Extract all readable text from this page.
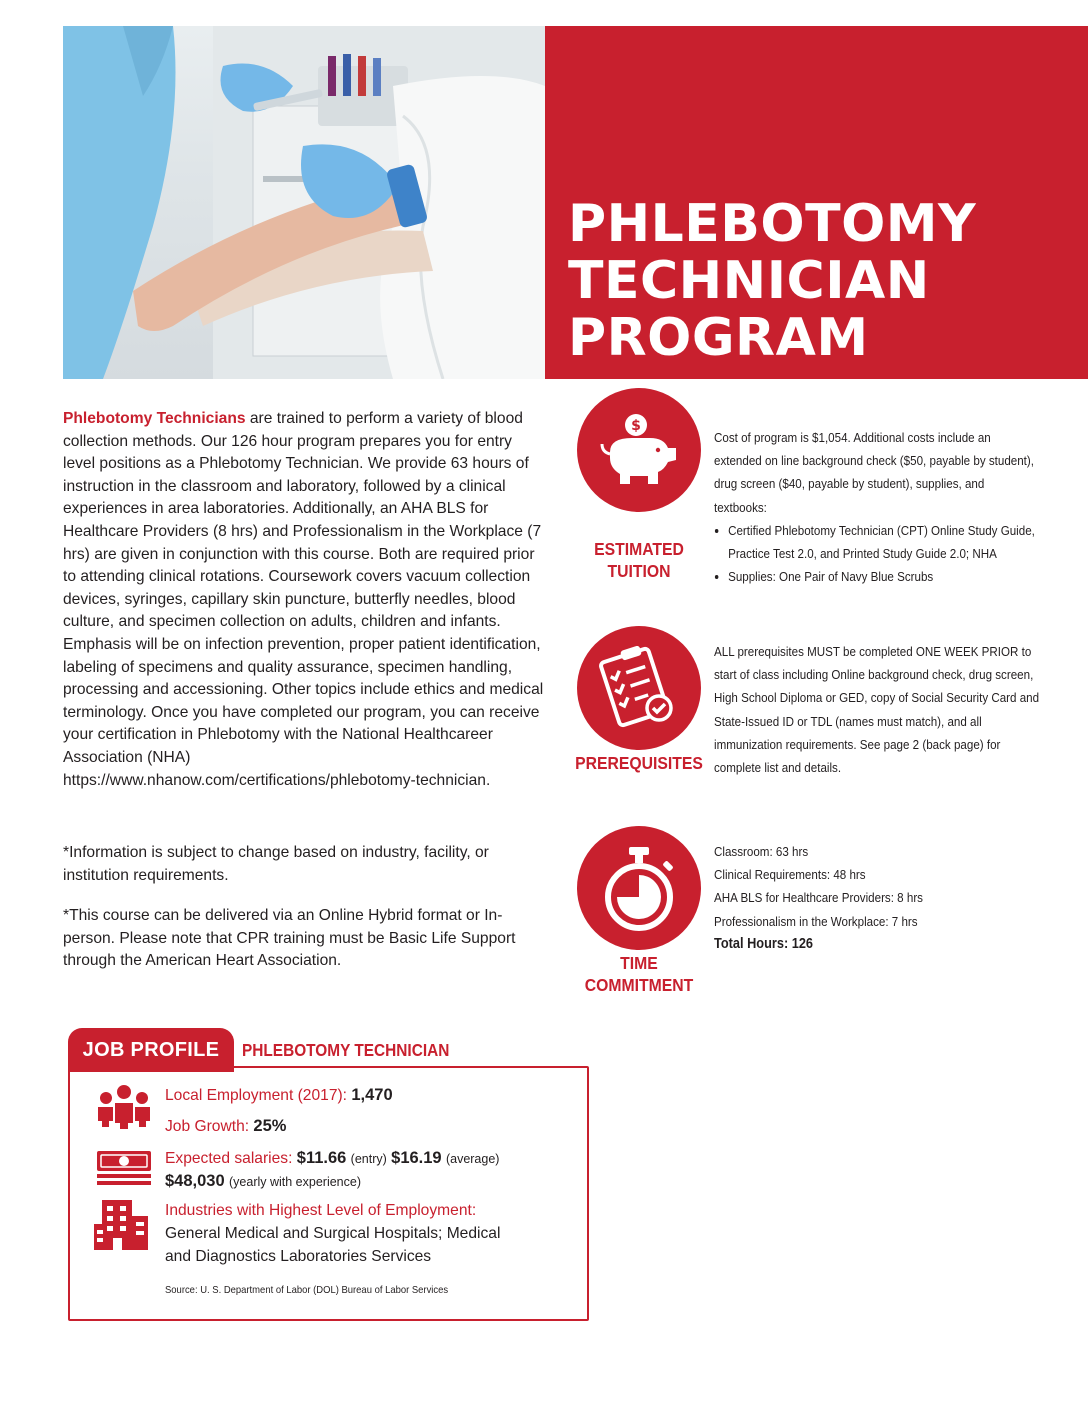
PHLEBOTOMY
TECHNICIAN
PROGRAM

Phlebotomy Technicians are trained to perform a variety of blood collection methods. Our 126 hour program prepares you for entry level positions as a Phlebotomy Technician. We provide 63 hours of instruction in the classroom and laboratory, followed by a clinical experiences in area laboratories. Additionally, an AHA BLS for Healthcare Providers (8 hrs) and Professionalism in the Workplace (7 hrs) are given in conjunction with this course. Both are required prior to attending clinical rotations. Coursework covers vacuum collection devices, syringes, capillary skin puncture, butterfly needles, blood culture, and specimen collection on adults, children and infants. Emphasis will be on infection prevention, proper patient identification, labeling of specimens and quality assurance, specimen handling, processing and accessioning. Other topics include ethics and medical terminology. Once you have completed our program, you can receive your certification in Phlebotomy with the National Healthcareer Association (NHA) https://www.nhanow.com/certifications/phlebotomy-technician.

*Information is subject to change based on industry, facility, or institution requirements.

*This course can be delivered via an Online Hybrid format or In-person. Please note that CPR training must be Basic Life Support through the American Heart Association.

$

ESTIMATED
TUITION

Cost of program is $1,054. Additional costs include an extended on line background check ($50, payable by student), drug screen ($40, payable by student), supplies, and textbooks:
• Certified Phlebotomy Technician (CPT) Online Study Guide, Practice Test 2.0, and Printed Study Guide 2.0; NHA
• Supplies: One Pair of Navy Blue Scrubs

PREREQUISITES

ALL prerequisites MUST be completed ONE WEEK PRIOR to start of class including Online background check, drug screen, High School Diploma or GED, copy of Social Security Card and State-Issued ID or TDL (names must match), and all immunization requirements. See page 2 (back page) for complete list and details.

TIME
COMMITMENT

Classroom: 63 hrs
Clinical Requirements: 48 hrs
AHA BLS for Healthcare Providers: 8 hrs
Professionalism in the Workplace: 7 hrs
Total Hours: 126
JOB PROFILE PHLEBOTOMY TECHNICIAN

Local Employment (2017): 1,470

Job Growth: 25%

Expected salaries: $11.66 (entry) $16.19 (average)

$48,030 (yearly with experience)

Industries with Highest Level of Employment:

General Medical and Surgical Hospitals; Medical

and Diagnostics Laboratories Services

Source: U. S. Department of Labor (DOL) Bureau of Labor Services
